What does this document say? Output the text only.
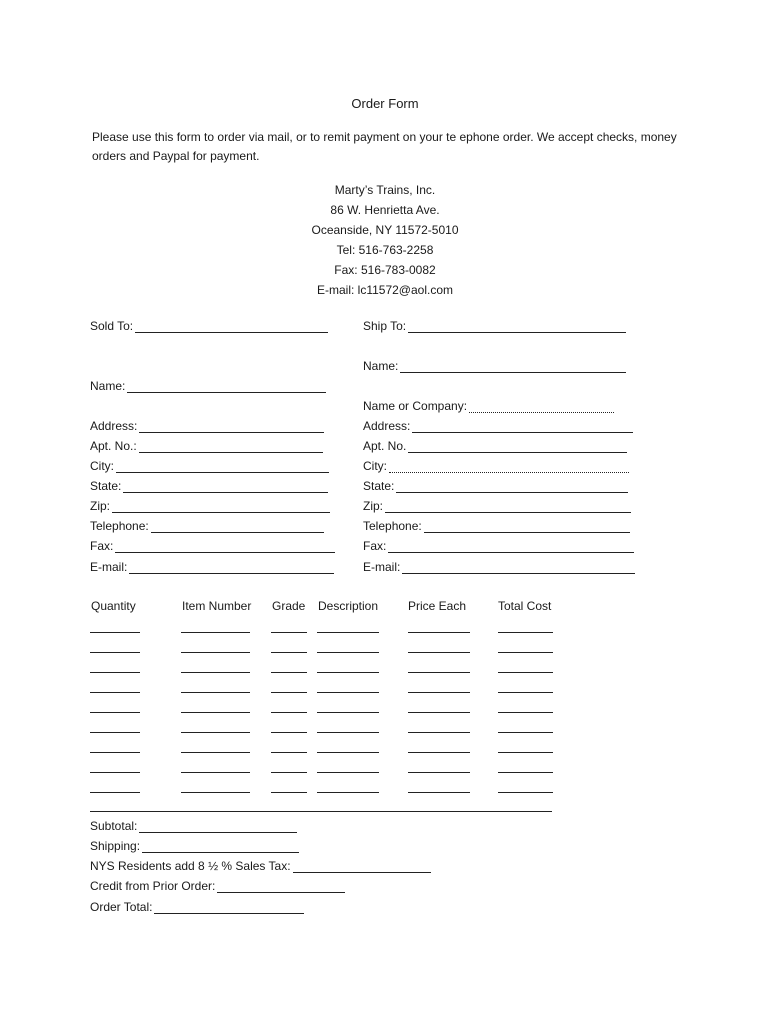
Order Form
Please use this form to order via mail, or to remit payment on your te ephone order. We accept checks, money orders and Paypal for payment.
Marty’s Trains, Inc.
86 W. Henrietta Ave.
Oceanside, NY 11572-5010
Tel: 516-763-2258
Fax: 516-783-0082
E-mail: lc11572@aol.com
Sold To:
Name:
Address:
Apt. No.:
City:
State:
Zip:
Telephone:
Fax:
E-mail:
Ship To:
Name:
Name or Company:
Address:
Apt. No.
City:
State:
Zip:
Telephone:
Fax:
E-mail:
Quantity	Item Number Grade Description Price Each	Total Cost
Subtotal:
Shipping:
NYS Residents add 8 ½ % Sales Tax:
Credit from Prior Order:
Order Total:
